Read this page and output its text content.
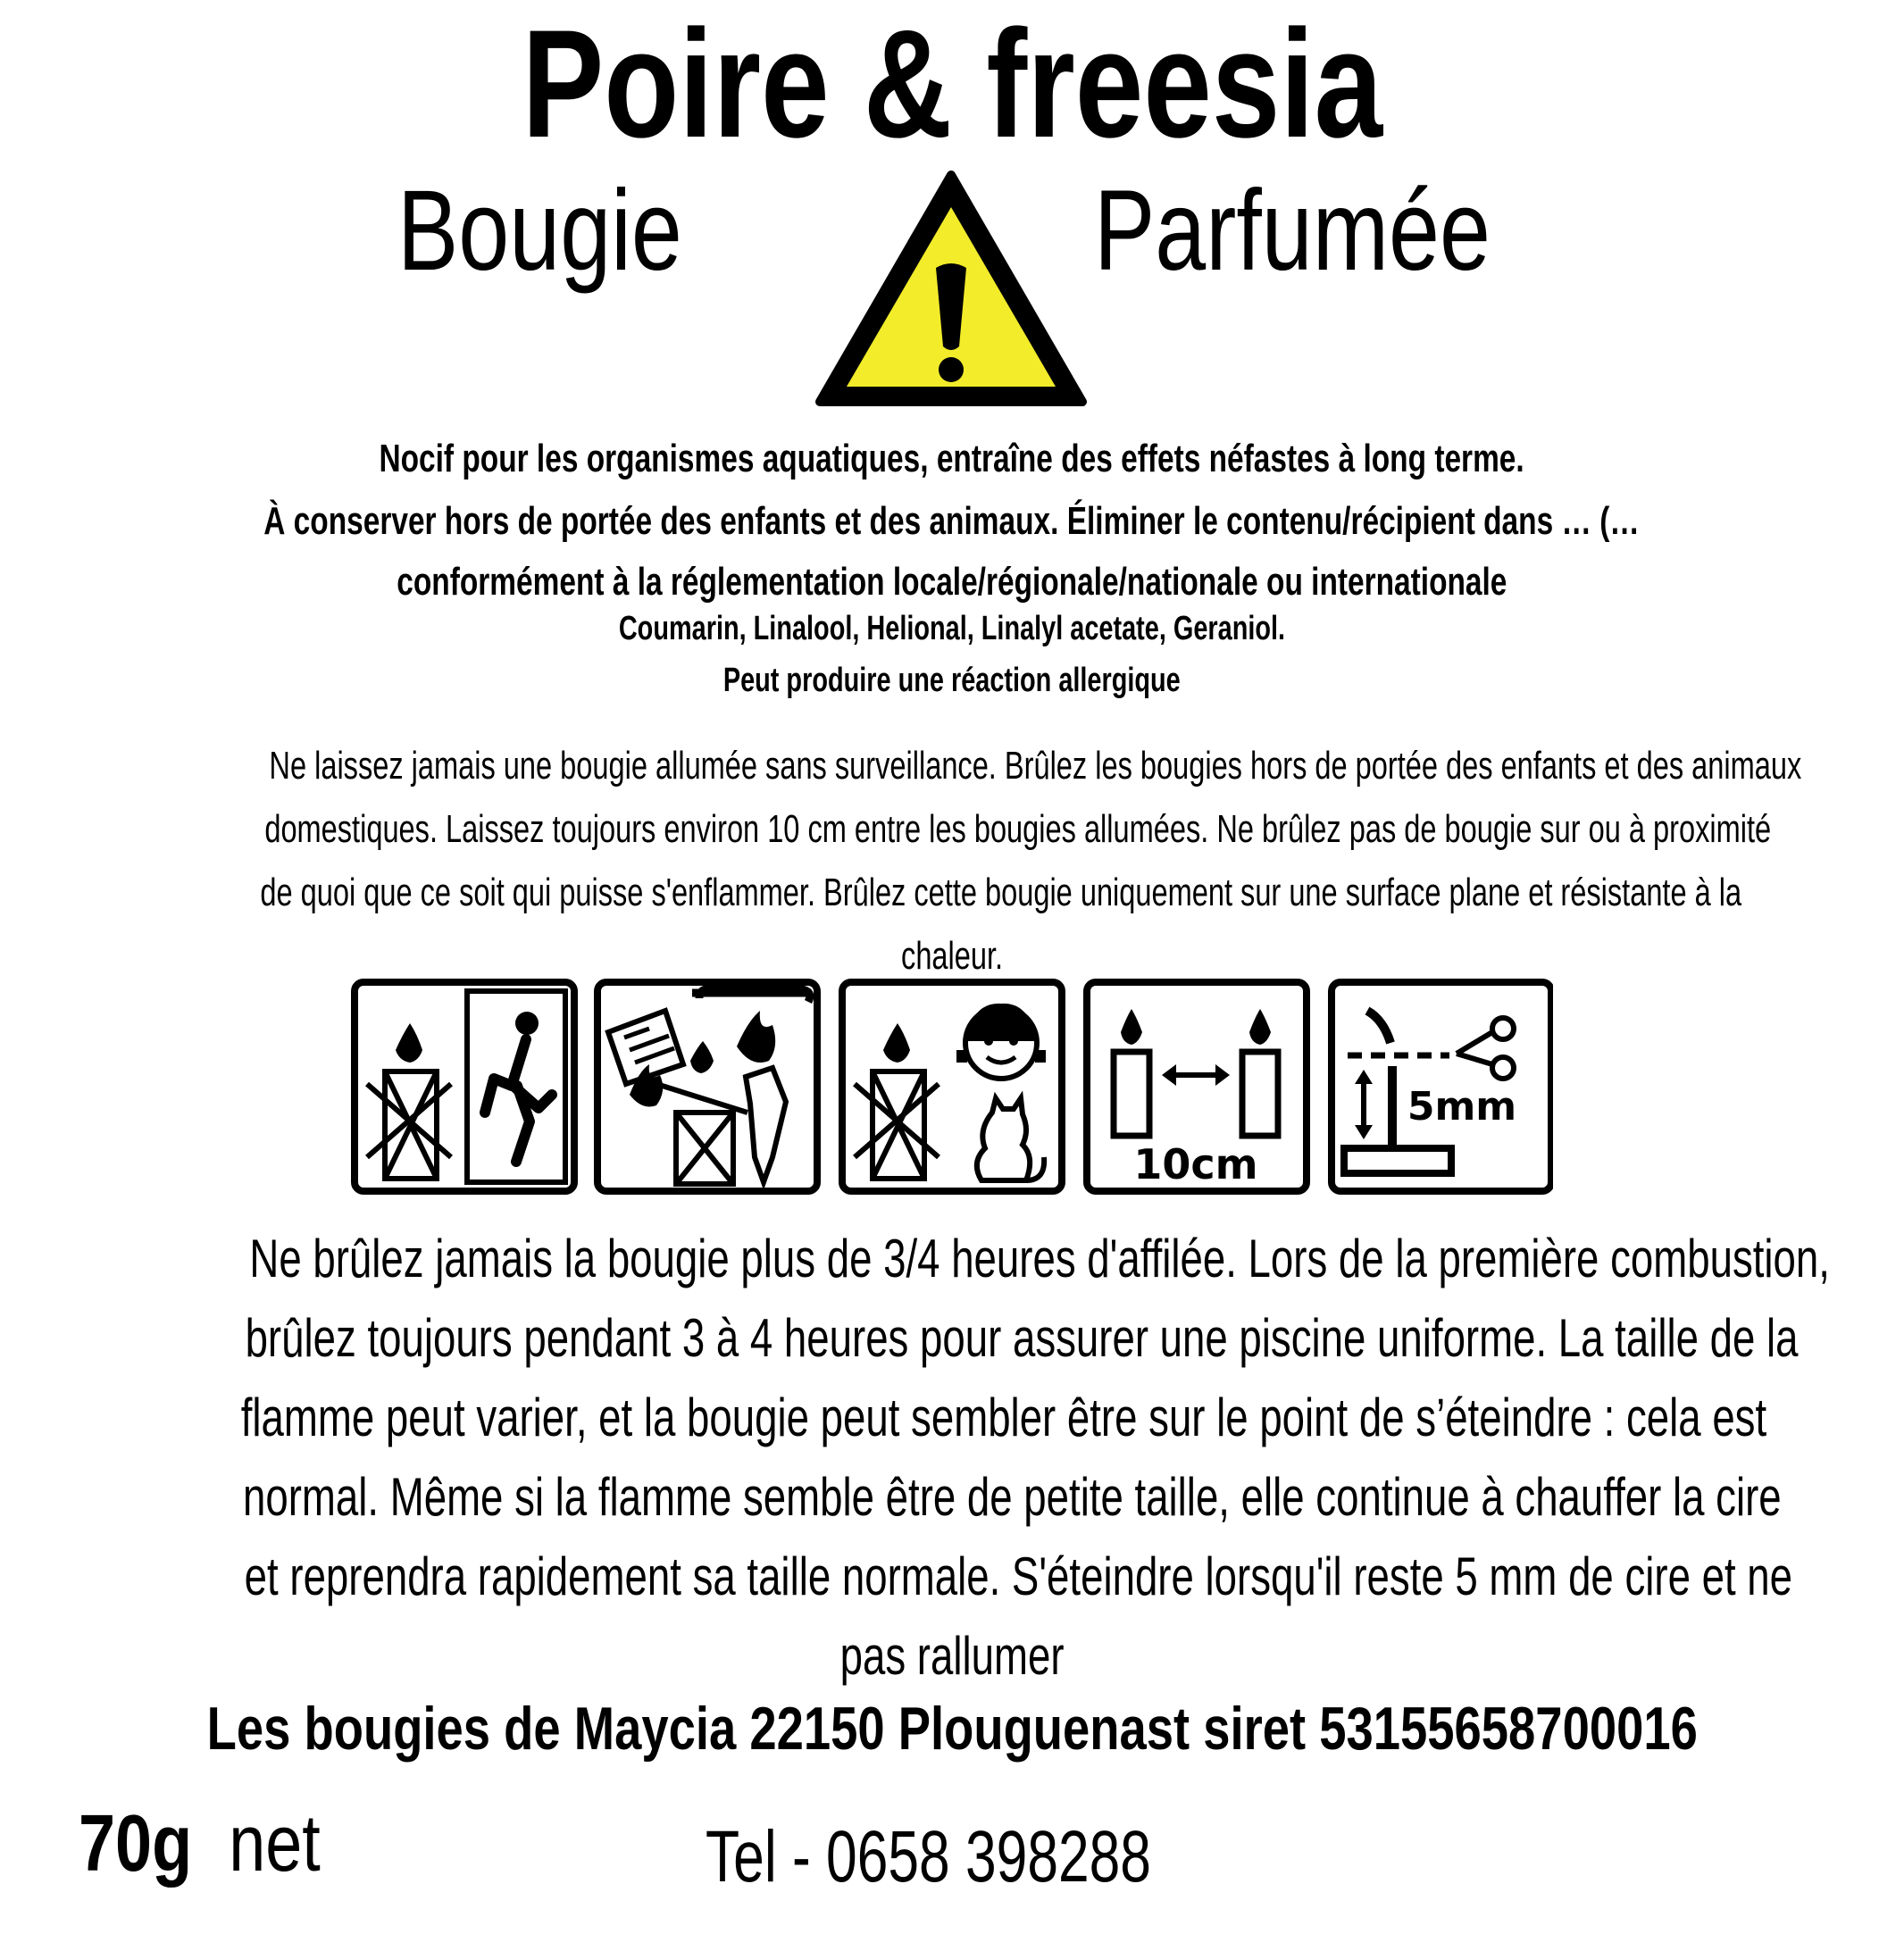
Poire & freesia
Bougie	Parfumée
Nocif pour les organismes aquatiques, entraîne des effets néfastes à long terme.
À conserver hors de portée des enfants et des animaux. Éliminer le contenu/récipient dans … (…
conformément à la réglementation locale/régionale/nationale ou internationale
Coumarin, Linalool, Helional, Linalyl acetate, Geraniol.
Peut produire une réaction allergique
Ne laissez jamais une bougie allumée sans surveillance. Brûlez les bougies hors de portée des enfants et des animaux
domestiques. Laissez toujours environ 10 cm entre les bougies allumées. Ne brûlez pas de bougie sur ou à proximité
de quoi que ce soit qui puisse s'enflammer. Brûlez cette bougie uniquement sur une surface plane et résistante à la
chaleur.
10cm
5mm
Ne brûlez jamais la bougie plus de 3/4 heures d'affilée. Lors de la première combustion,
brûlez toujours pendant 3 à 4 heures pour assurer une piscine uniforme. La taille de la
flamme peut varier, et la bougie peut sembler être sur le point de s’éteindre : cela est
normal. Même si la flamme semble être de petite taille, elle continue à chauffer la cire
et reprendra rapidement sa taille normale. S'éteindre lorsqu'il reste 5 mm de cire et ne
pas rallumer
Les bougies de Maycia 22150 Plouguenast siret 53155658700016
70g net	Tel - 0658 398288
